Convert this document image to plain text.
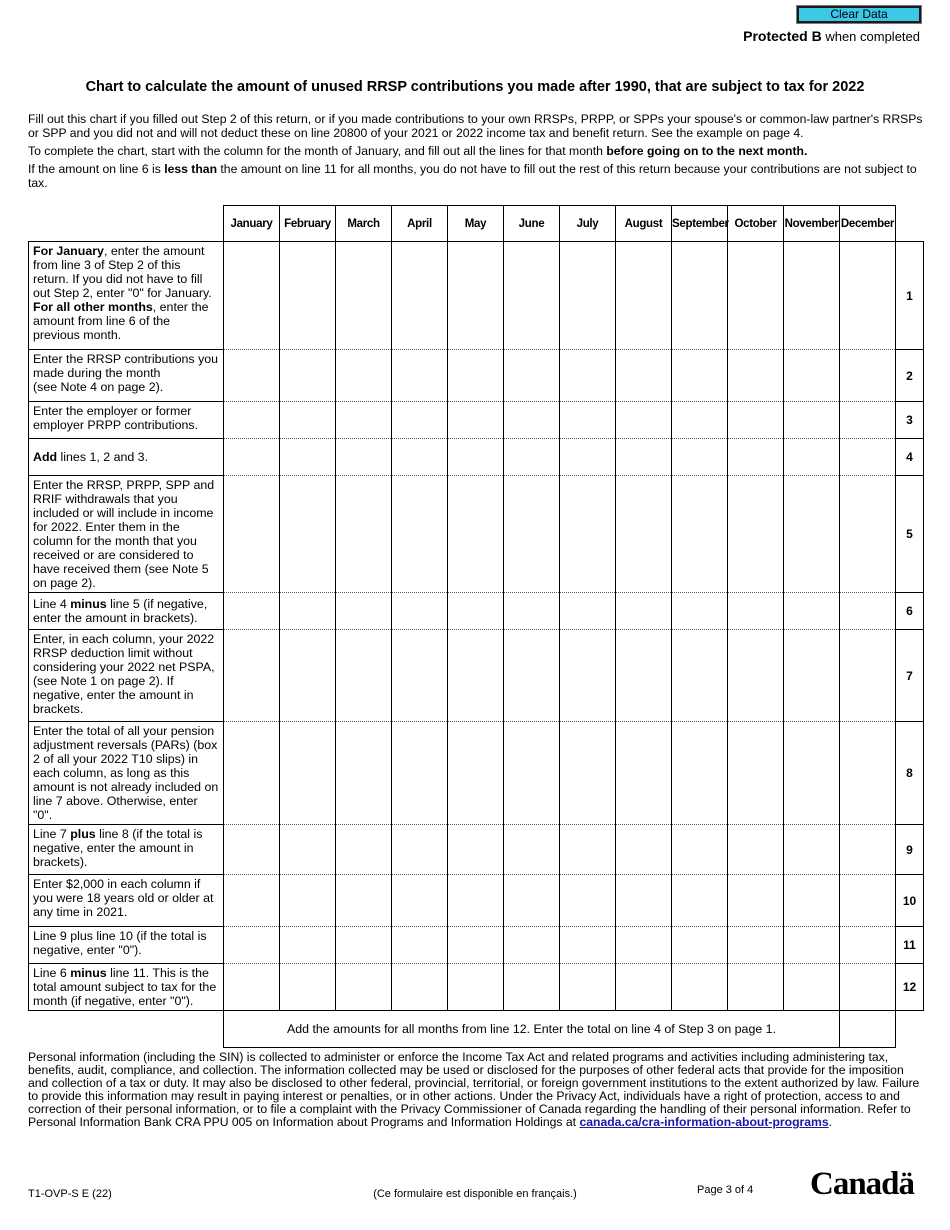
Clear Data
Protected B when completed
Chart to calculate the amount of unused RRSP contributions you made after 1990, that are subject to tax for 2022

Fill out this chart if you filled out Step 2 of this return, or if you made contributions to your own RRSPs, PRPP, or SPPs your spouse's or common-law partner's RRSPs or SPP and you did not and will not deduct these on line 20800 of your 2021 or 2022 income tax and benefit return. See the example on page 4.

To complete the chart, start with the column for the month of January, and fill out all the lines for that month before going on to the next month.

If the amount on line 6 is less than the amount on line 11 for all months, you do not have to fill out the rest of this return because your contributions are not subject to tax.

	January	February	March	April	May	June	July	August	September	October	November	December	
For January, enter the amount from line 3 of Step 2 of this return. If you did not have to fill out Step 2, enter "0" for January. For all other months, enter the amount from line 6 of the previous month.													1
Enter the RRSP contributions you made during the month
(see Note 4 on page 2).													2
Enter the employer or former employer PRPP contributions.													3
Add lines 1, 2 and 3.													4
Enter the RRSP, PRPP, SPP and RRIF withdrawals that you included or will include in income for 2022. Enter them in the column for the month that you received or are considered to have received them (see Note 5 on page 2).													5
Line 4 minus line 5 (if negative, enter the amount in brackets).													6
Enter, in each column, your 2022 RRSP deduction limit without considering your 2022 net PSPA, (see Note 1 on page 2). If negative, enter the amount in brackets.													7
Enter the total of all your pension adjustment reversals (PARs) (box 2 of all your 2022 T10 slips) in each column, as long as this amount is not already included on line 7 above. Otherwise, enter "0".													8
Line 7 plus line 8 (if the total is negative, enter the amount in brackets).													9
Enter $2,000 in each column if you were 18 years old or older at any time in 2021.													10
Line 9 plus line 10 (if the total is negative, enter "0").													11
Line 6 minus line 11. This is the total amount subject to tax for the month (if negative, enter "0").													12
	Add the amounts for all months from line 12. Enter the total on line 4 of Step 3 on page 1.												
Personal information (including the SIN) is collected to administer or enforce the Income Tax Act and related programs and activities including administering tax, benefits, audit, compliance, and collection. The information collected may be used or disclosed for the purposes of other federal acts that provide for the imposition and collection of a tax or duty. It may also be disclosed to other federal, provincial, territorial, or foreign government institutions to the extent authorized by law. Failure to provide this information may result in paying interest or penalties, or in other actions. Under the Privacy Act, individuals have a right of protection, access to and correction of their personal information, or to file a complaint with the Privacy Commissioner of Canada regarding the handling of their personal information. Refer to Personal Information Bank CRA PPU 005 on Information about Programs and Information Holdings at canada.ca/cra-information-about-programs.
T1-OVP-S E (22)	(Ce formulaire est disponible en français.)	Page 3 of 4 Canadä
